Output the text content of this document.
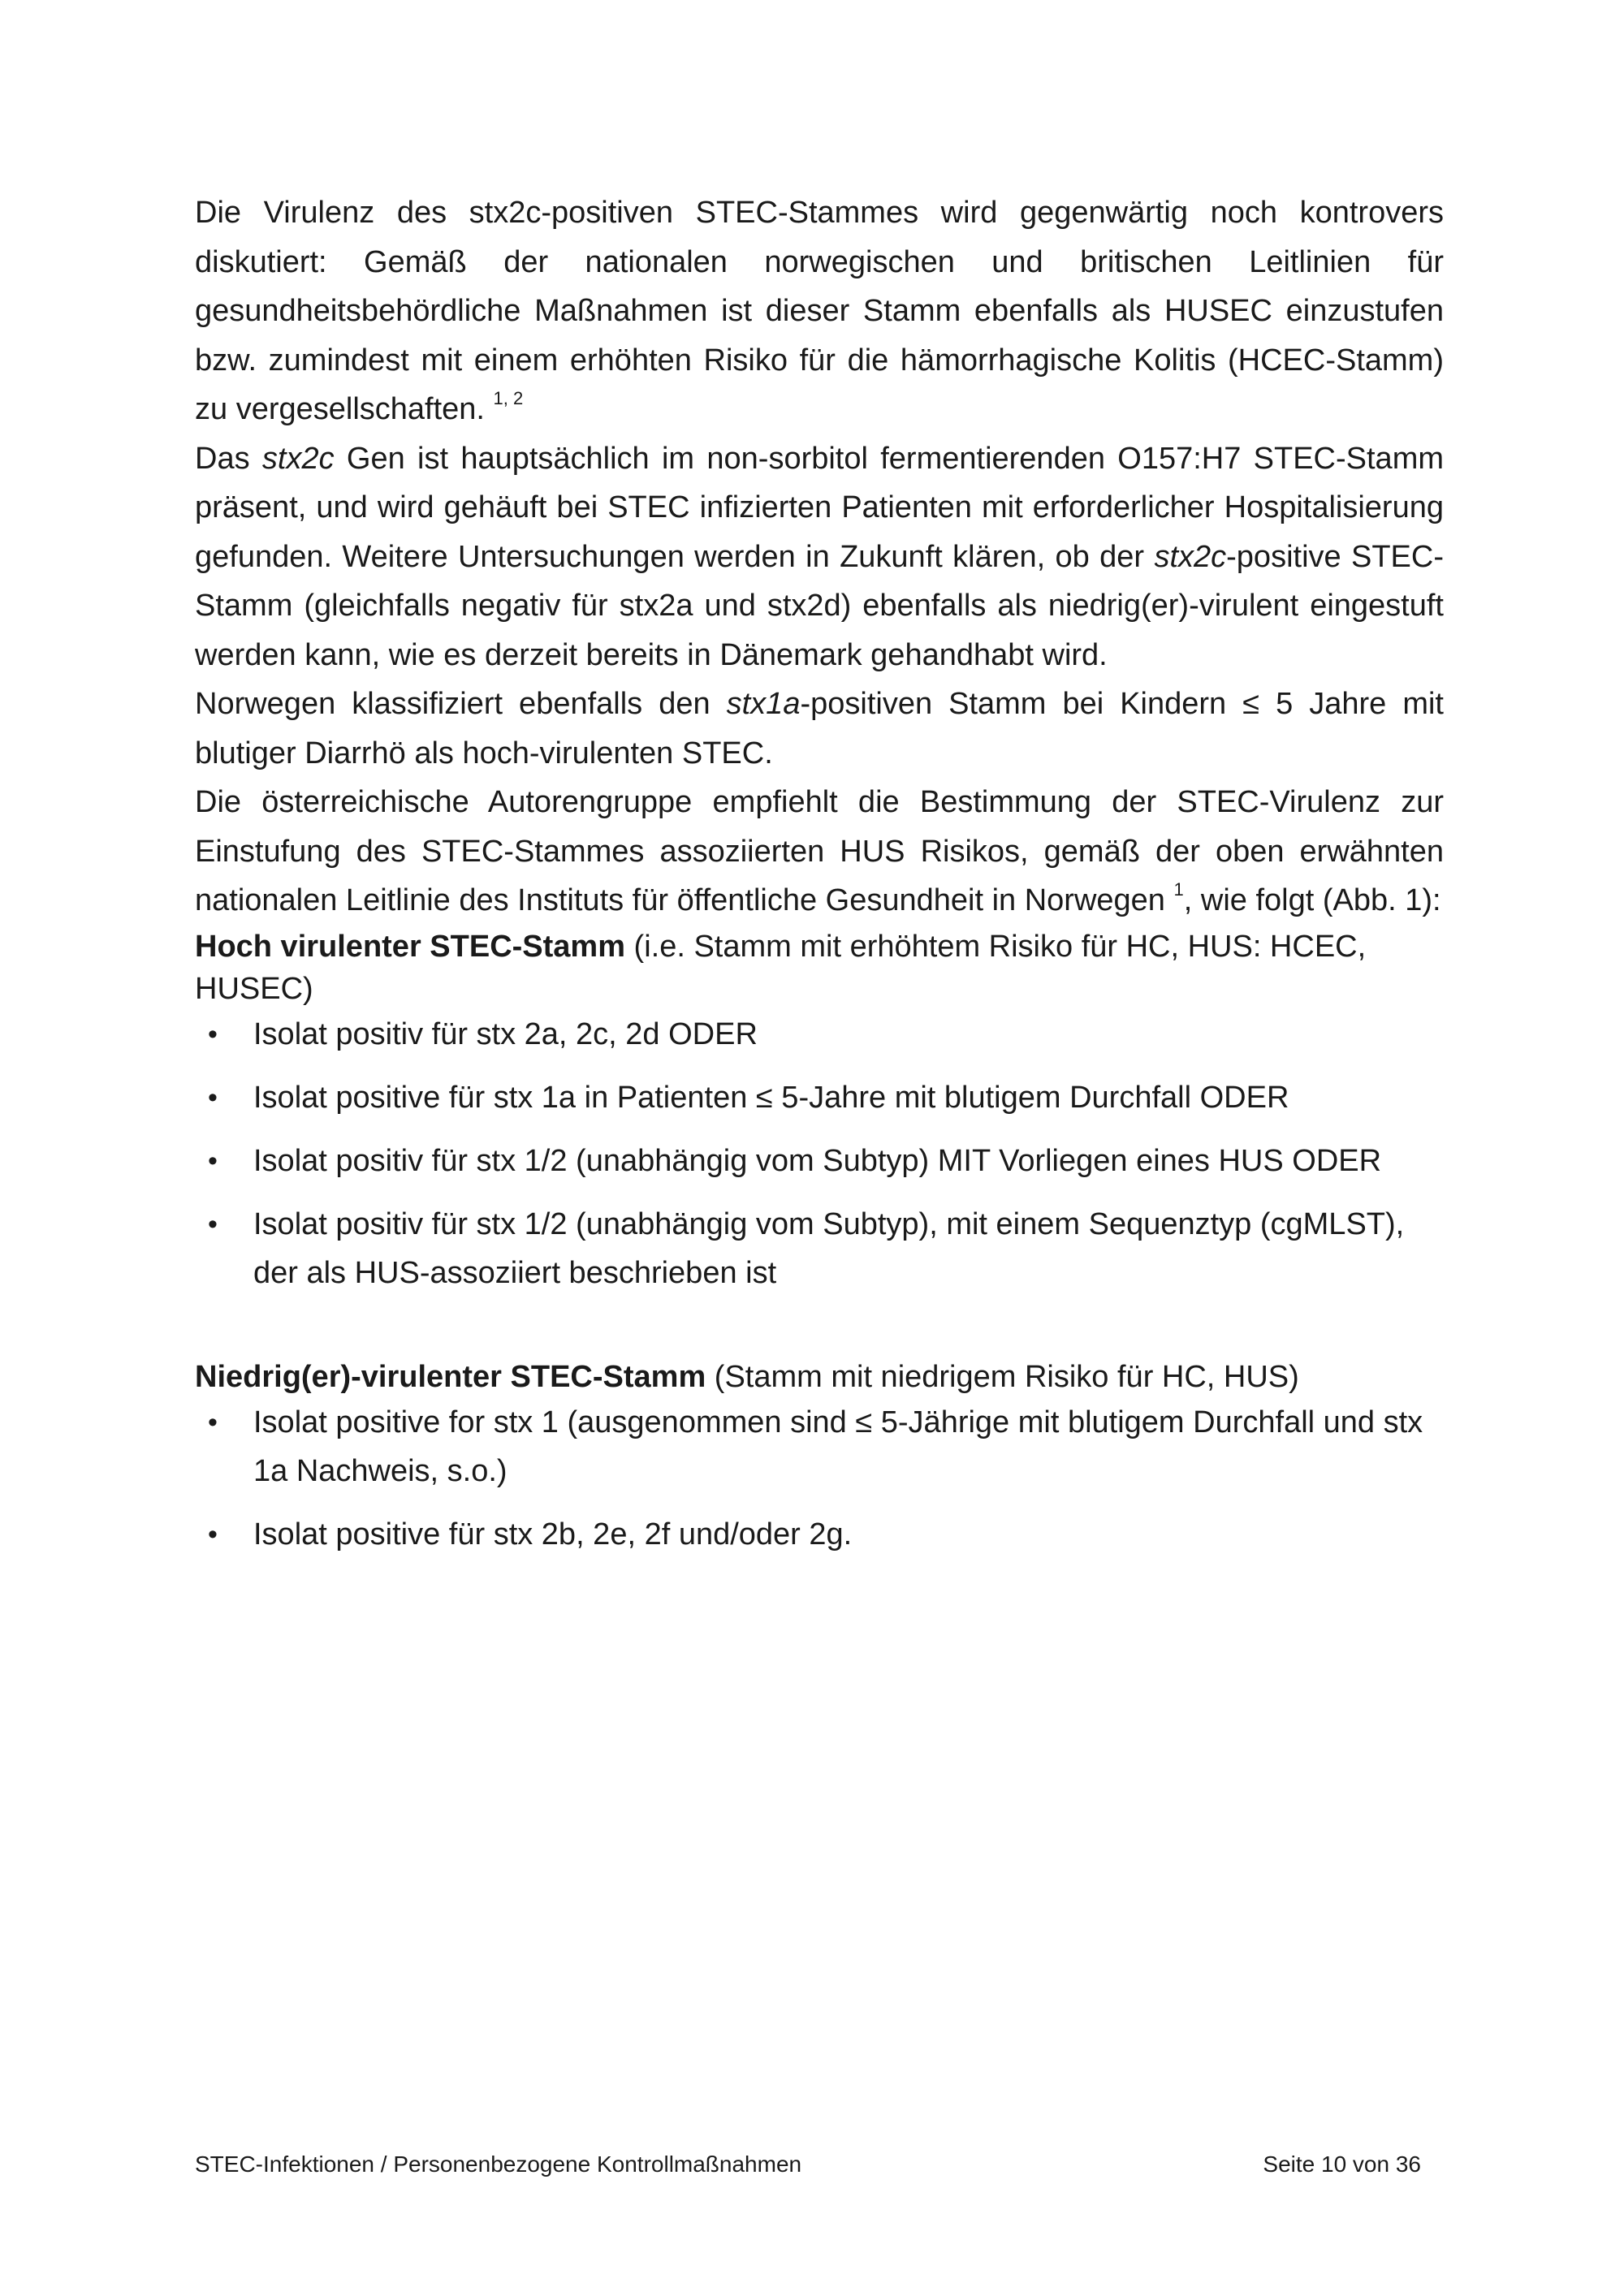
Die Virulenz des stx2c-positiven STEC-Stammes wird gegenwärtig noch kontrovers diskutiert: Gemäß der nationalen norwegischen und britischen Leitlinien für gesundheitsbehördliche Maßnahmen ist dieser Stamm ebenfalls als HUSEC einzustufen bzw. zumindest mit einem erhöhten Risiko für die hämorrhagische Kolitis (HCEC-Stamm) zu vergesellschaften. $^{1, 2}$

Das stx2c Gen ist hauptsächlich im non-sorbitol fermentierenden O157:H7 STEC-Stamm präsent, und wird gehäuft bei STEC infizierten Patienten mit erforderlicher Hospitalisierung gefunden. Weitere Untersuchungen werden in Zukunft klären, ob der stx2c-positive STEC-Stamm (gleichfalls negativ für stx2a und stx2d) ebenfalls als niedrig(er)-virulent eingestuft werden kann, wie es derzeit bereits in Dänemark gehandhabt wird.

Norwegen klassifiziert ebenfalls den stx1a-positiven Stamm bei Kindern ≤ 5 Jahre mit blutiger Diarrhö als hoch-virulenten STEC.

Die österreichische Autorengruppe empfiehlt die Bestimmung der STEC-Virulenz zur Einstufung des STEC-Stammes assoziierten HUS Risikos, gemäß der oben erwähnten nationalen Leitlinie des Instituts für öffentliche Gesundheit in Norwegen $^1$, wie folgt (Abb. 1):

Hoch virulenter STEC-Stamm (i.e. Stamm mit erhöhtem Risiko für HC, HUS: HCEC, HUSEC)

• Isolat positiv für stx 2a, 2c, 2d ODER
• Isolat positive für stx 1a in Patienten ≤ 5-Jahre mit blutigem Durchfall ODER
• Isolat positiv für stx 1/2 (unabhängig vom Subtyp) MIT Vorliegen eines HUS ODER
• Isolat positiv für stx 1/2 (unabhängig vom Subtyp), mit einem Sequenztyp (cgMLST), der als HUS-assoziiert beschrieben ist

Niedrig(er)-virulenter STEC-Stamm (Stamm mit niedrigem Risiko für HC, HUS)

• Isolat positive for stx 1 (ausgenommen sind ≤ 5-Jährige mit blutigem Durchfall und stx 1a Nachweis, s.o.)
• Isolat positive für stx 2b, 2e, 2f und/oder 2g.
STEC-Infektionen / Personenbezogene Kontrollmaßnahmen	Seite 10 von 36
